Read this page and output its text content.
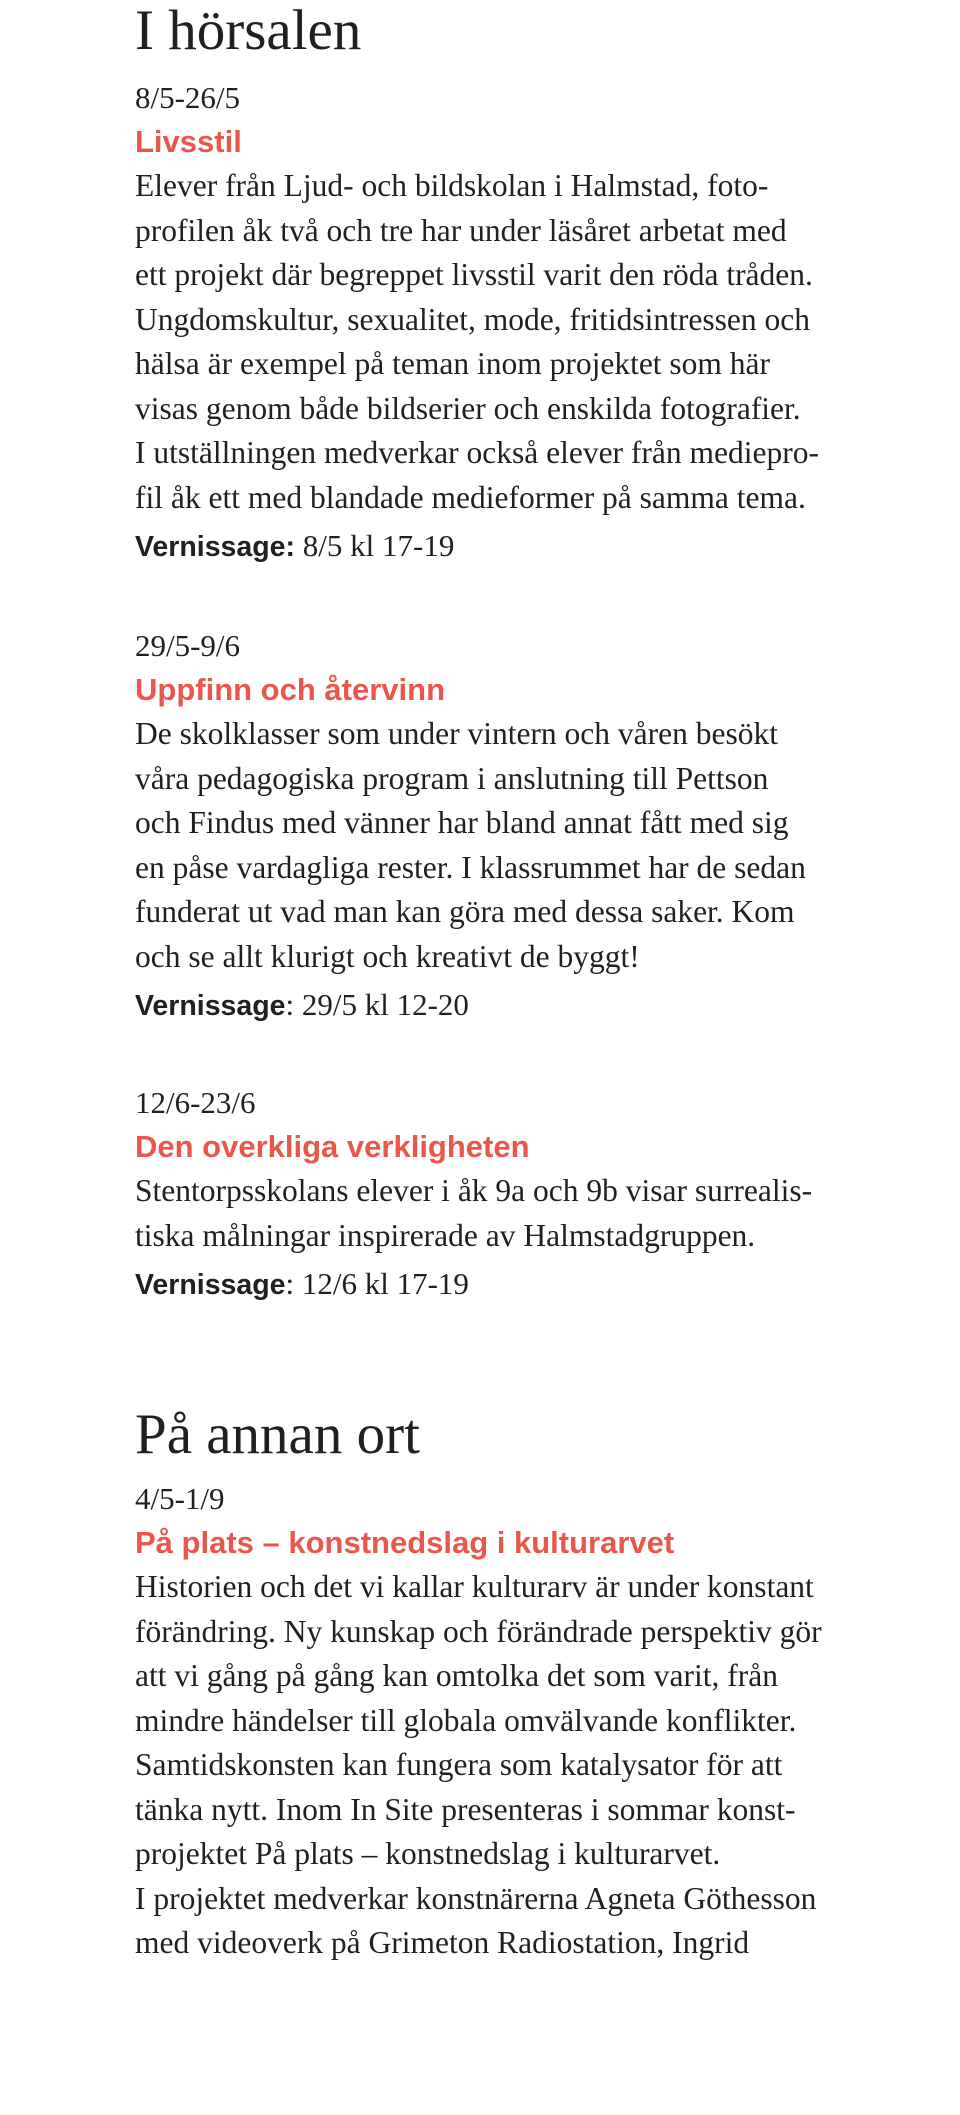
I hörsalen

8/5-26/5

Livsstil

Elever från Ljud- och bildskolan i Halmstad, foto-
profilen åk två och tre har under läsåret arbetat med
ett projekt där begreppet livsstil varit den röda tråden.
Ungdomskultur, sexualitet, mode, fritidsintressen och
hälsa är exempel på teman inom projektet som här
visas genom både bildserier och enskilda fotografier.
I utställningen medverkar också elever från mediepro-
fil åk ett med blandade medieformer på samma tema.

Vernissage: 8/5 kl 17-19

29/5-9/6

Uppfinn och återvinn

De skolklasser som under vintern och våren besökt
våra pedagogiska program i anslutning till Pettson
och Findus med vänner har bland annat fått med sig
en påse vardagliga rester. I klassrummet har de sedan
funderat ut vad man kan göra med dessa saker. Kom
och se allt klurigt och kreativt de byggt!

Vernissage: 29/5 kl 12-20

12/6-23/6

Den overkliga verkligheten

Stentorpsskolans elever i åk 9a och 9b visar surrealis-
tiska målningar inspirerade av Halmstadgruppen.

Vernissage: 12/6 kl 17-19

På annan ort

4/5-1/9

På plats – konstnedslag i kulturarvet

Historien och det vi kallar kulturarv är under konstant
förändring. Ny kunskap och förändrade perspektiv gör
att vi gång på gång kan omtolka det som varit, från
mindre händelser till globala omvälvande konflikter.
Samtidskonsten kan fungera som katalysator för att
tänka nytt. Inom In Site presenteras i sommar konst-
projektet På plats – konstnedslag i kulturarvet.
I projektet medverkar konstnärerna Agneta Göthesson
med videoverk på Grimeton Radiostation, Ingrid
